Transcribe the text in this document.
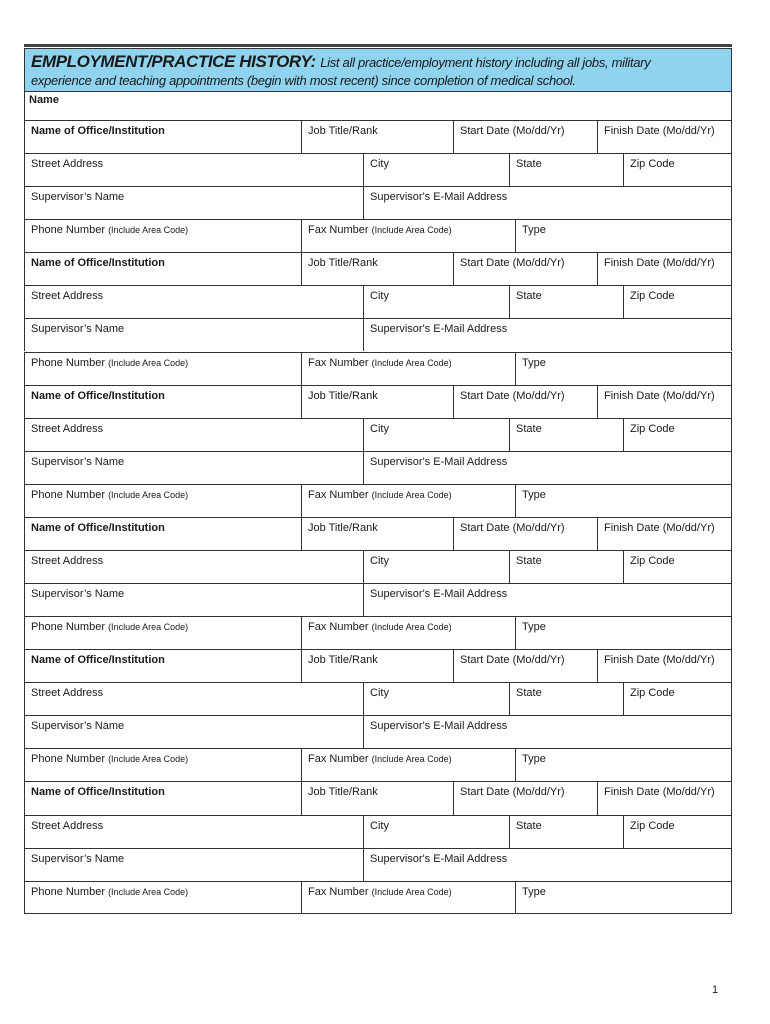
EMPLOYMENT/PRACTICE HISTORY: List all practice/employment history including all jobs, military
experience and teaching appointments (begin with most recent) since completion of medical school.
Name
Name of Office/Institution	Job Title/Rank	Start Date (Mo/dd/Yr)	Finish Date (Mo/dd/Yr)
Street Address	City	State	Zip Code
Supervisor’s Name	Supervisor's E-Mail Address
Phone Number (Include Area Code)	Fax Number (Include Area Code)	Type
Name of Office/Institution	Job Title/Rank	Start Date (Mo/dd/Yr)	Finish Date (Mo/dd/Yr)
Street Address	City	State	Zip Code
Supervisor’s Name	Supervisor's E-Mail Address
Phone Number (Include Area Code)	Fax Number (Include Area Code)	Type
Name of Office/Institution	Job Title/Rank	Start Date (Mo/dd/Yr)	Finish Date (Mo/dd/Yr)
Street Address	City	State	Zip Code
Supervisor’s Name	Supervisor's E-Mail Address
Phone Number (Include Area Code)	Fax Number (Include Area Code)	Type
Name of Office/Institution	Job Title/Rank	Start Date (Mo/dd/Yr)	Finish Date (Mo/dd/Yr)
Street Address	City	State	Zip Code
Supervisor’s Name	Supervisor's E-Mail Address
Phone Number (Include Area Code)	Fax Number (Include Area Code)	Type
Name of Office/Institution	Job Title/Rank	Start Date (Mo/dd/Yr)	Finish Date (Mo/dd/Yr)
Street Address	City	State	Zip Code
Supervisor’s Name	Supervisor's E-Mail Address
Phone Number (Include Area Code)	Fax Number (Include Area Code)	Type
Name of Office/Institution	Job Title/Rank	Start Date (Mo/dd/Yr)	Finish Date (Mo/dd/Yr)
Street Address	City	State	Zip Code
Supervisor’s Name	Supervisor's E-Mail Address
Phone Number (Include Area Code)	Fax Number (Include Area Code)	Type
1
